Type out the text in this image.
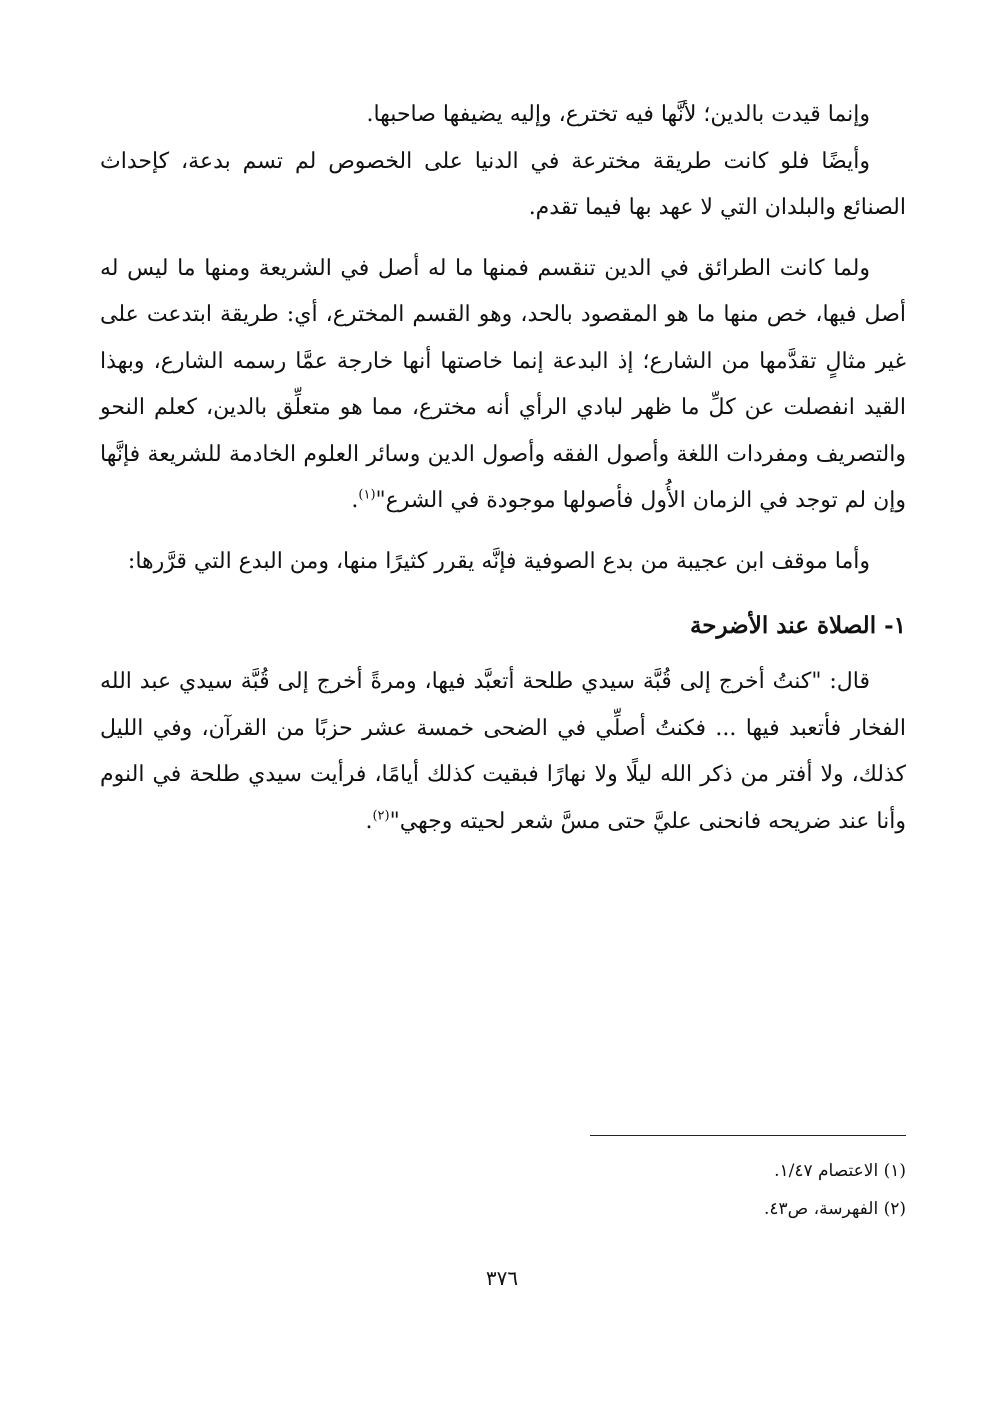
وإنما قيدت بالدين؛ لأنَّها فيه تخترع، وإليه يضيفها صاحبها.

وأيضًا فلو كانت طريقة مخترعة في الدنيا على الخصوص لم تسم بدعة، كإحداث الصنائع والبلدان التي لا عهد بها فيما تقدم.

ولما كانت الطرائق في الدين تنقسم فمنها ما له أصل في الشريعة ومنها ما ليس له أصل فيها، خص منها ما هو المقصود بالحد، وهو القسم المخترع، أي: طريقة ابتدعت على غير مثالٍ تقدَّمها من الشارع؛ إذ البدعة إنما خاصتها أنها خارجة عمَّا رسمه الشارع، وبهذا القيد انفصلت عن كلِّ ما ظهر لبادي الرأي أنه مخترع، مما هو متعلِّق بالدين، كعلم النحو والتصريف ومفردات اللغة وأصول الفقه وأصول الدين وسائر العلوم الخادمة للشريعة فإنَّها وإن لم توجد في الزمان الأُول فأصولها موجودة في الشرع"$^{(١)}$.

وأما موقف ابن عجيبة من بدع الصوفية فإنَّه يقرر كثيرًا منها، ومن البدع التي قرَّرها:

١- الصلاة عند الأضرحة

قال: "كنتُ أخرج إلى قُبَّة سيدي طلحة أتعبَّد فيها، ومرةً أخرج إلى قُبَّة سيدي عبد الله الفخار فأتعبد فيها ... فكنتُ أصلِّي في الضحى خمسة عشر حزبًا من القرآن، وفي الليل كذلك، ولا أفتر من ذكر الله ليلًا ولا نهارًا فبقيت كذلك أيامًا، فرأيت سيدي طلحة في النوم وأنا عند ضريحه فانحنى عليَّ حتى مسَّ شعر لحيته وجهي"$^{(٢)}$.

(١) الاعتصام ١/٤٧.
(٢) الفهرسة، ص٤٣.
٣٧٦
